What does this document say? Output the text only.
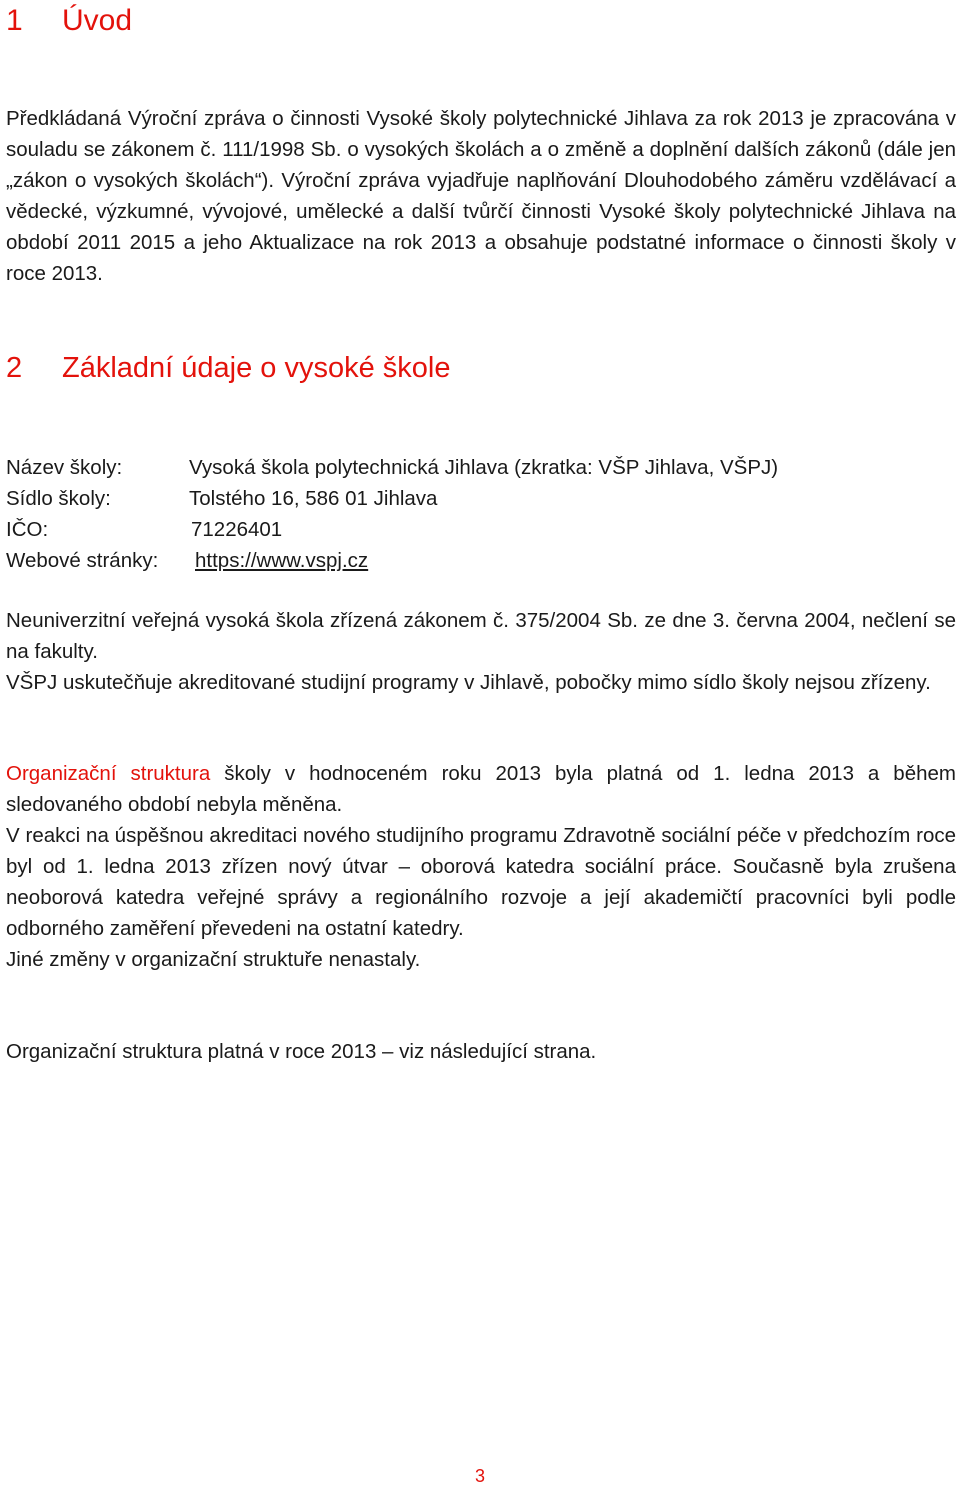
1 Úvod

Předkládaná Výroční zpráva o činnosti Vysoké školy polytechnické Jihlava za rok 2013 je zpracována v souladu se zákonem č. 111/1998 Sb. o vysokých školách a o změně a doplnění dalších zákonů (dále jen „zákon o vysokých školách“). Výroční zpráva vyjadřuje naplňování Dlouhodobého záměru vzdělávací a vědecké, výzkumné, vývojové, umělecké a další tvůrčí činnosti Vysoké školy polytechnické Jihlava na období 2011 2015 a jeho Aktualizace na rok 2013 a obsahuje podstatné informace o činnosti školy v roce 2013.

2 Základní údaje o vysoké škole
Název školy:	Vysoká škola polytechnická Jihlava (zkratka: VŠP Jihlava, VŠPJ)
Sídlo školy:	Tolstého 16, 586 01 Jihlava
IČO:	71226401
Webové stránky:	https://www.vspj.cz
Neuniverzitní veřejná vysoká škola zřízená zákonem č. 375/2004 Sb. ze dne 3. června 2004, nečlení se na fakulty.
VŠPJ uskutečňuje akreditované studijní programy v Jihlavě, pobočky mimo sídlo školy nejsou zřízeny.
Organizační struktura školy v hodnoceném roku 2013 byla platná od 1. ledna 2013 a během sledovaného období nebyla měněna.
V reakci na úspěšnou akreditaci nového studijního programu Zdravotně sociální péče v předchozím roce byl od 1. ledna 2013 zřízen nový útvar – oborová katedra sociální práce. Současně byla zrušena neoborová katedra veřejné správy a regionálního rozvoje a její akademičtí pracovníci byli podle odborného zaměření převedeni na ostatní katedry.
Jiné změny v organizační struktuře nenastaly.

Organizační struktura platná v roce 2013 – viz následující strana.

3
